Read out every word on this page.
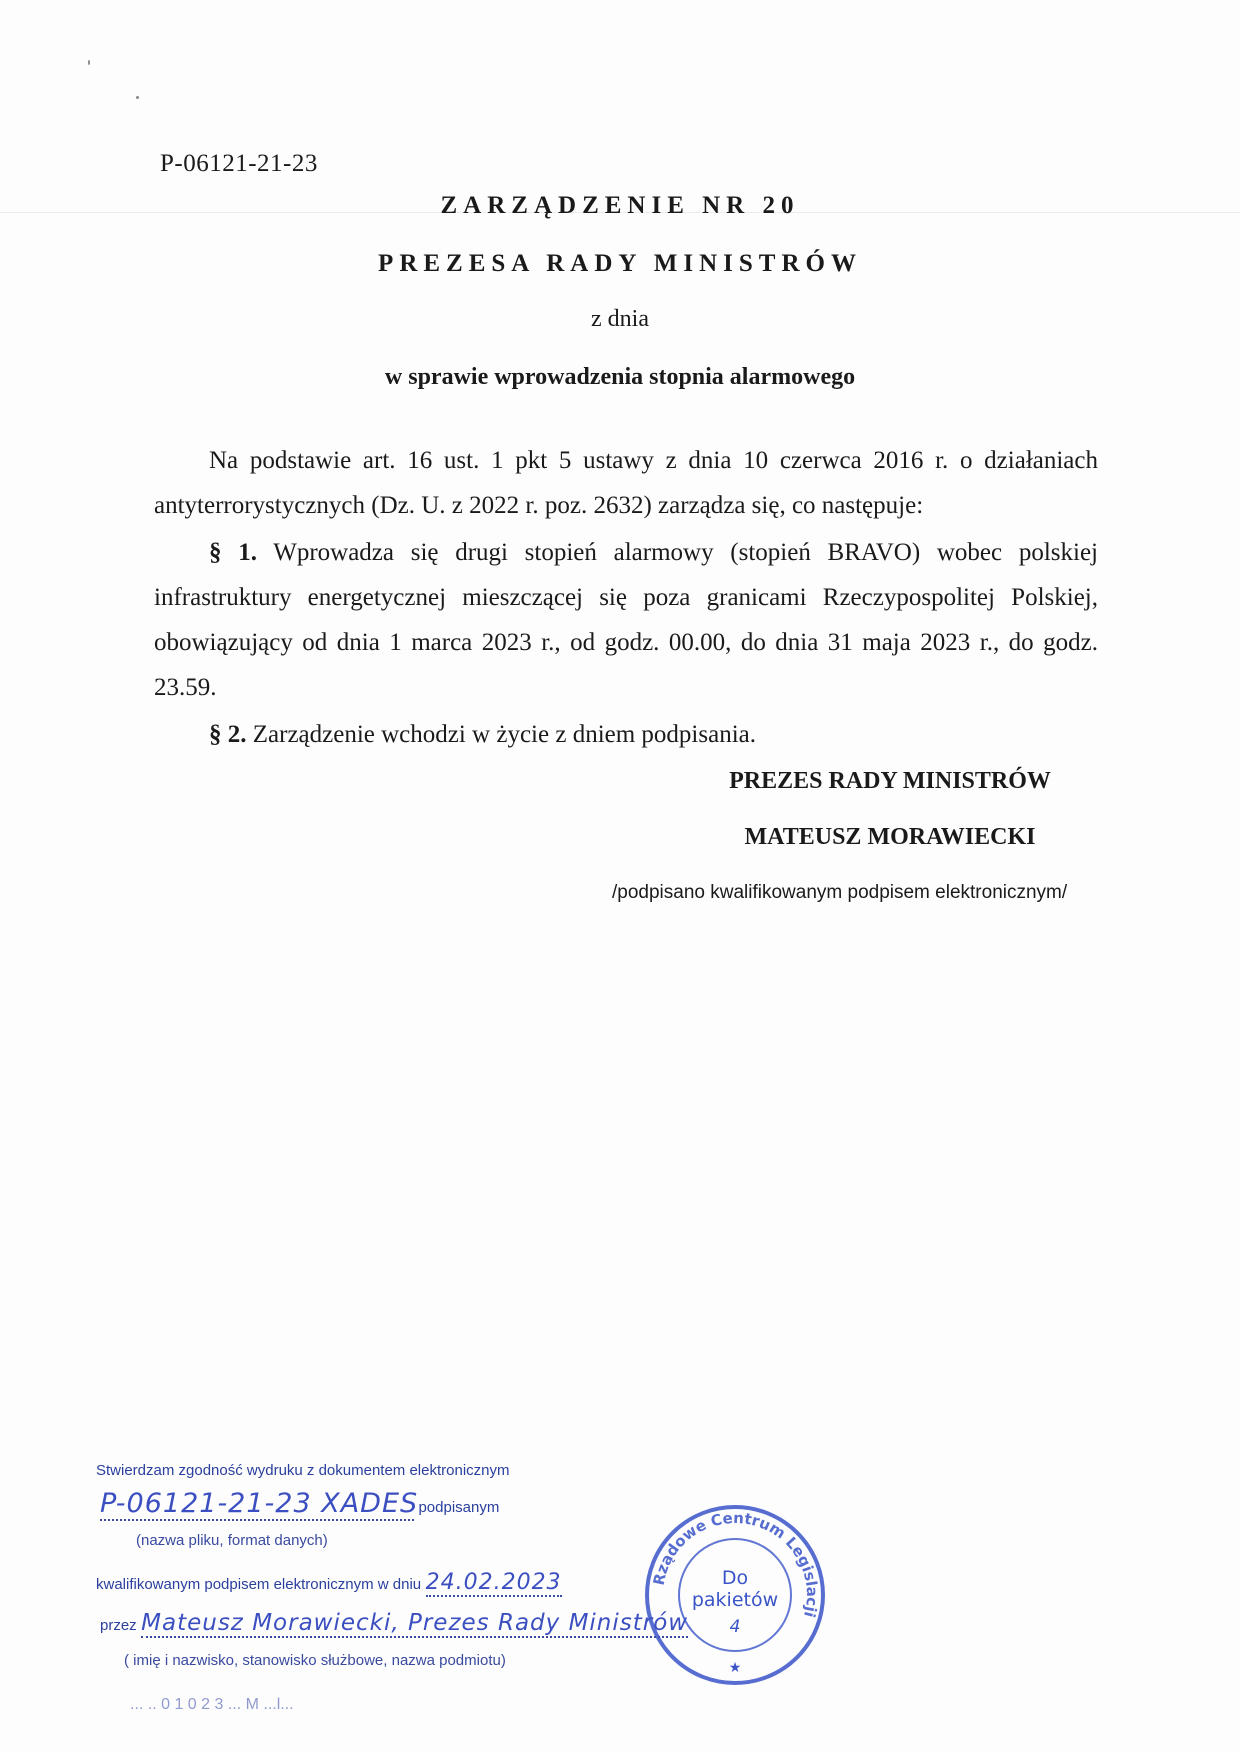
P-06121-21-23
ZARZĄDZENIE NR 20
PREZESA RADY MINISTRÓW
z dnia
w sprawie wprowadzenia stopnia alarmowego

Na podstawie art. 16 ust. 1 pkt 5 ustawy z dnia 10 czerwca 2016 r. o działaniach antyterrorystycznych (Dz. U. z 2022 r. poz. 2632) zarządza się, co następuje:

§ 1. Wprowadza się drugi stopień alarmowy (stopień BRAVO) wobec polskiej infrastruktury energetycznej mieszczącej się poza granicami Rzeczypospolitej Polskiej, obowiązujący od dnia 1 marca 2023 r., od godz. 00.00, do dnia 31 maja 2023 r., do godz. 23.59.

§ 2. Zarządzenie wchodzi w życie z dniem podpisania.

PREZES RADY MINISTRÓW
MATEUSZ MORAWIECKI
/podpisano kwalifikowanym podpisem elektronicznym/
Stwierdzam zgodność wydruku z dokumentem elektronicznym
P-06121-21-23 XADES podpisanym
(nazwa pliku, format danych)
kwalifikowanym podpisem elektronicznym w dniu 24.02.2023
przez Mateusz Morawiecki, Prezes Rady Ministrów
( imię i nazwisko, stanowisko służbowe, nazwa podmiotu)
... .. 0 1 0 2 3 ... M ...l...
Rządowe Centrum Legislacji
Do
pakietów
4
★
